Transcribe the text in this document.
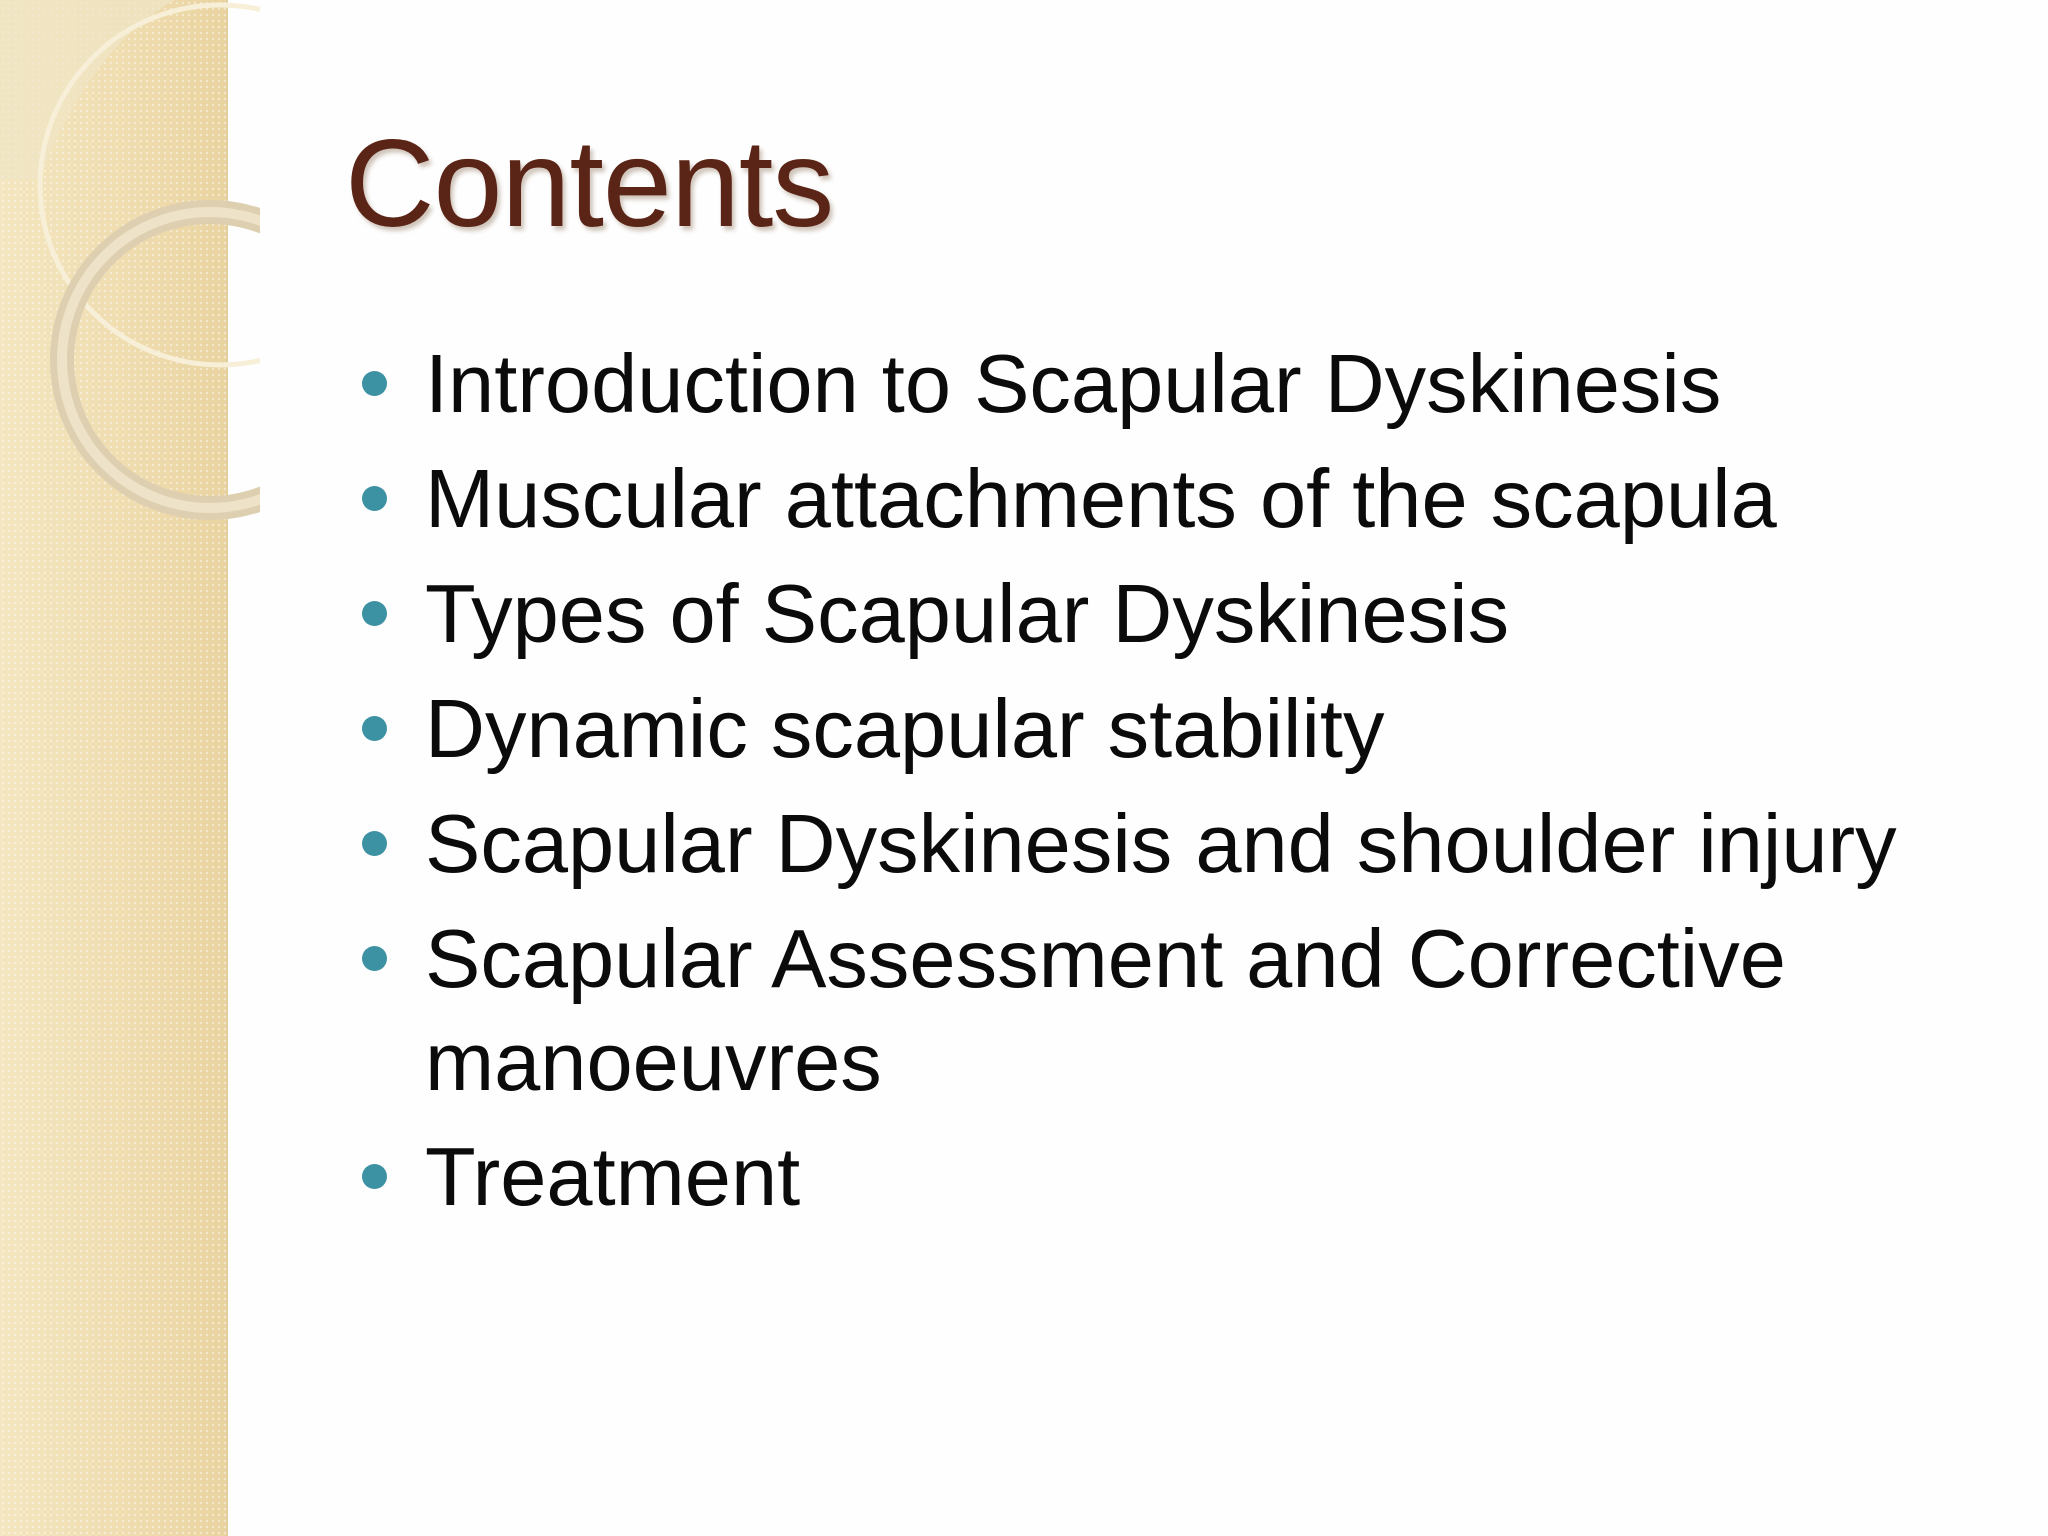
Contents
Introduction to Scapular Dyskinesis
Muscular attachments of the scapula
Types of Scapular Dyskinesis
Dynamic scapular stability
Scapular Dyskinesis and shoulder injury
Scapular Assessment and Corrective manoeuvres
Treatment
